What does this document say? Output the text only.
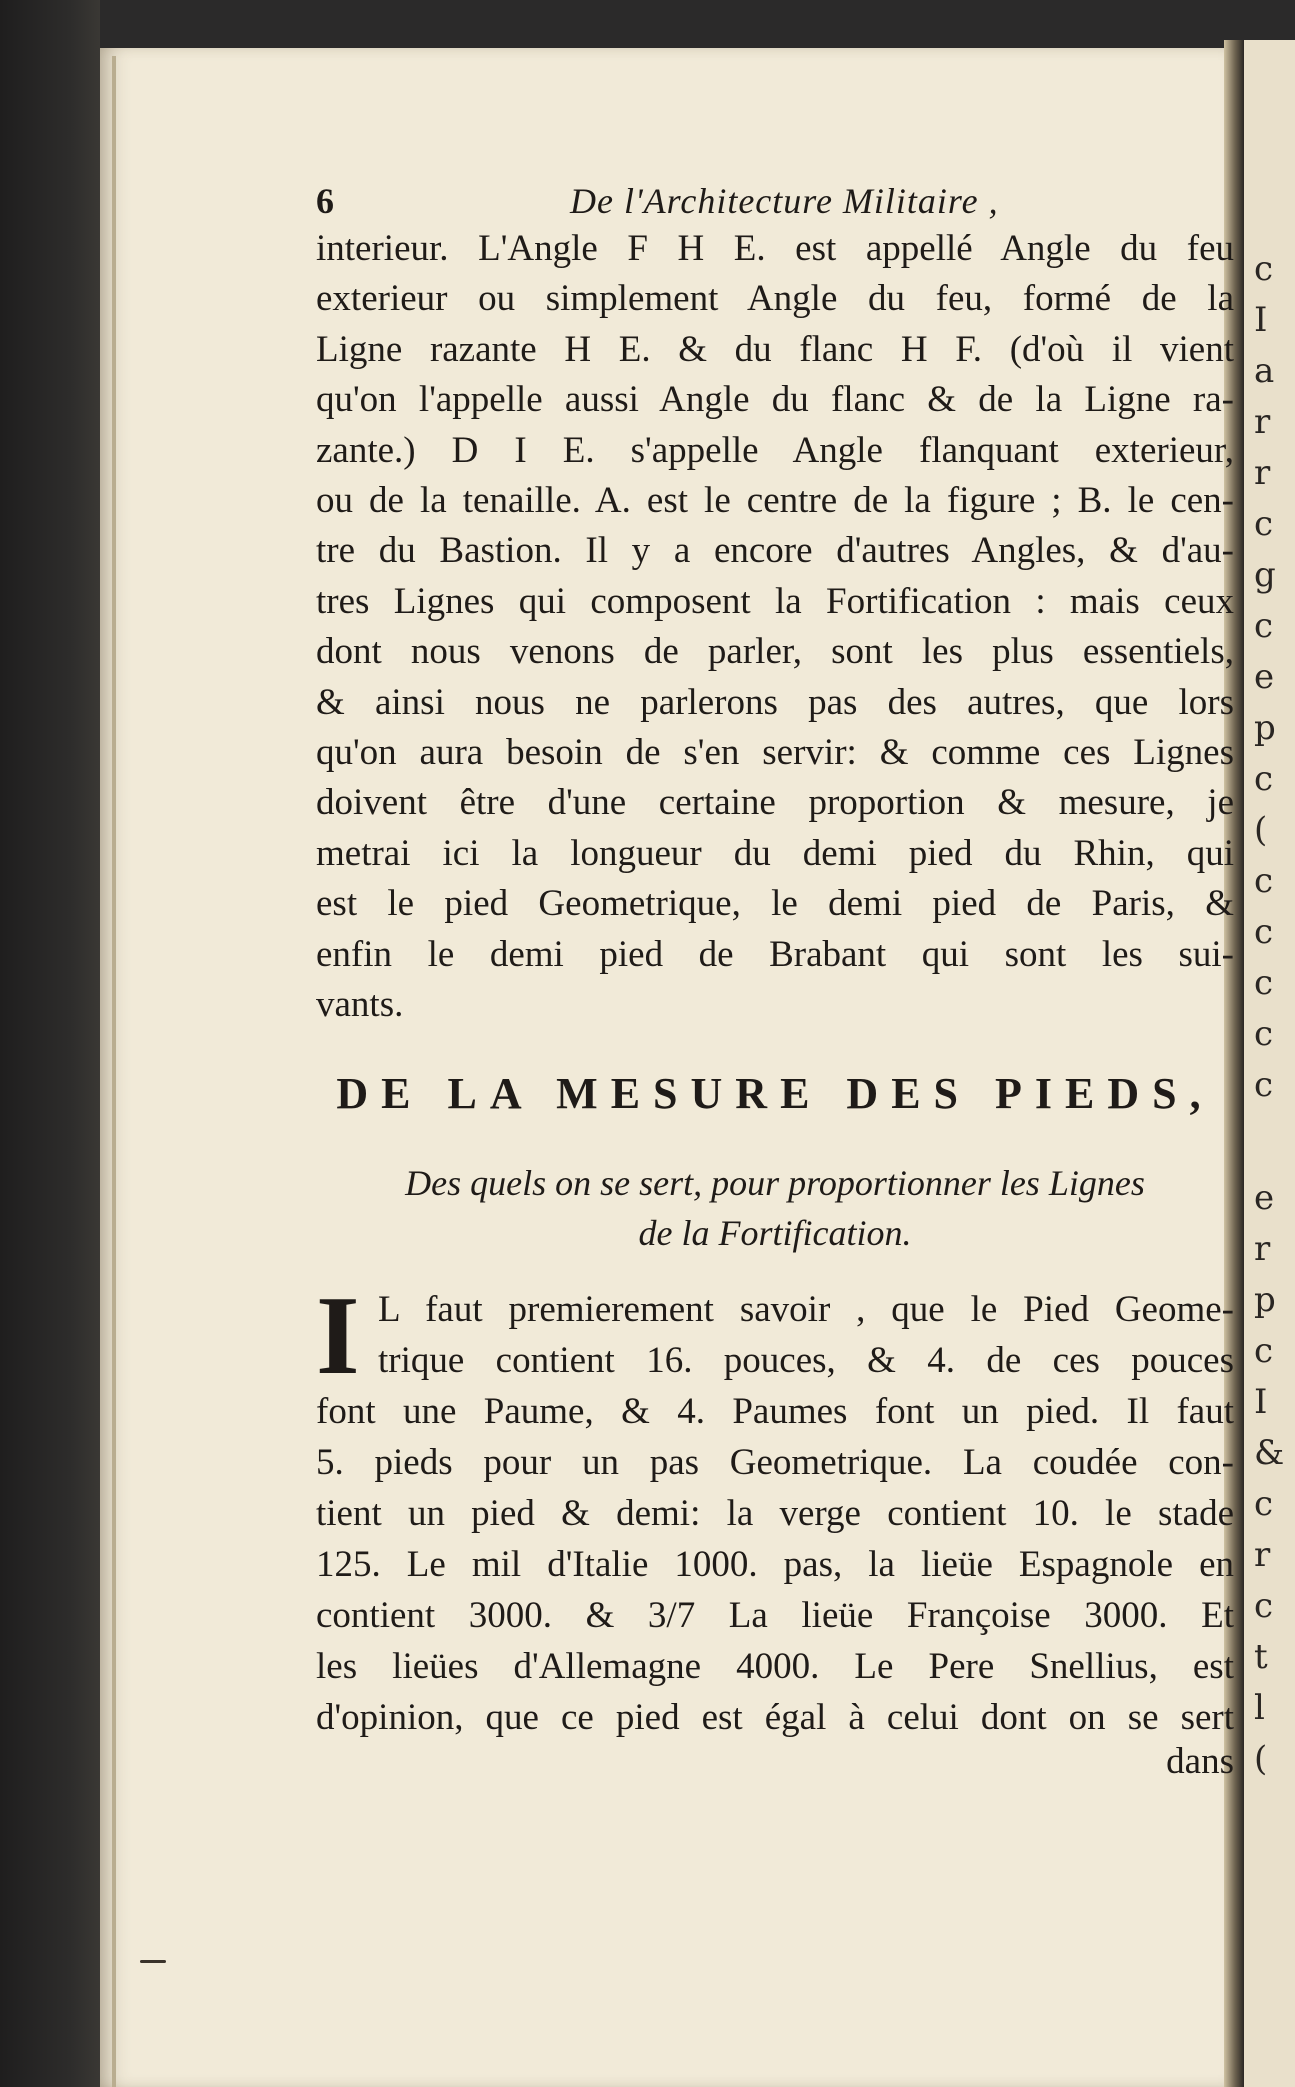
c
I
a
r
r
c
g
c
e
p
c
(
c
c
c
c
c
e
r
p
c
I
&
c
r
c
t
l
(
6	De l'Architecture Militaire ,
interieur. L'Angle F H E. est appellé Angle du feu
exterieur ou simplement Angle du feu, formé de la
Ligne razante H E. & du flanc H F. (d'où il vient
qu'on l'appelle aussi Angle du flanc & de la Ligne ra-
zante.) D I E. s'appelle Angle flanquant exterieur,
ou de la tenaille. A. est le centre de la figure ; B. le cen-
tre du Bastion. Il y a encore d'autres Angles, & d'au-
tres Lignes qui composent la Fortification : mais ceux
dont nous venons de parler, sont les plus essentiels,
& ainsi nous ne parlerons pas des autres, que lors
qu'on aura besoin de s'en servir: & comme ces Lignes
doivent être d'une certaine proportion & mesure, je
metrai ici la longueur du demi pied du Rhin, qui
est le pied Geometrique, le demi pied de Paris, &
enfin le demi pied de Brabant qui sont les sui-
vants.
DE LA MESURE DES PIEDS,
Des quels on se sert, pour proportionner les Lignes
de la Fortification.
I L faut premierement savoir , que le Pied Geome-
trique contient 16. pouces, & 4. de ces pouces
font une Paume, & 4. Paumes font un pied. Il faut
5. pieds pour un pas Geometrique. La coudée con-
tient un pied & demi: la verge contient 10. le stade
125. Le mil d'Italie 1000. pas, la lieüe Espagnole en
contient 3000. & 3/7 La lieüe Françoise 3000. Et
les lieües d'Allemagne 4000. Le Pere Snellius, est
d'opinion, que ce pied est égal à celui dont on se sert
dans
